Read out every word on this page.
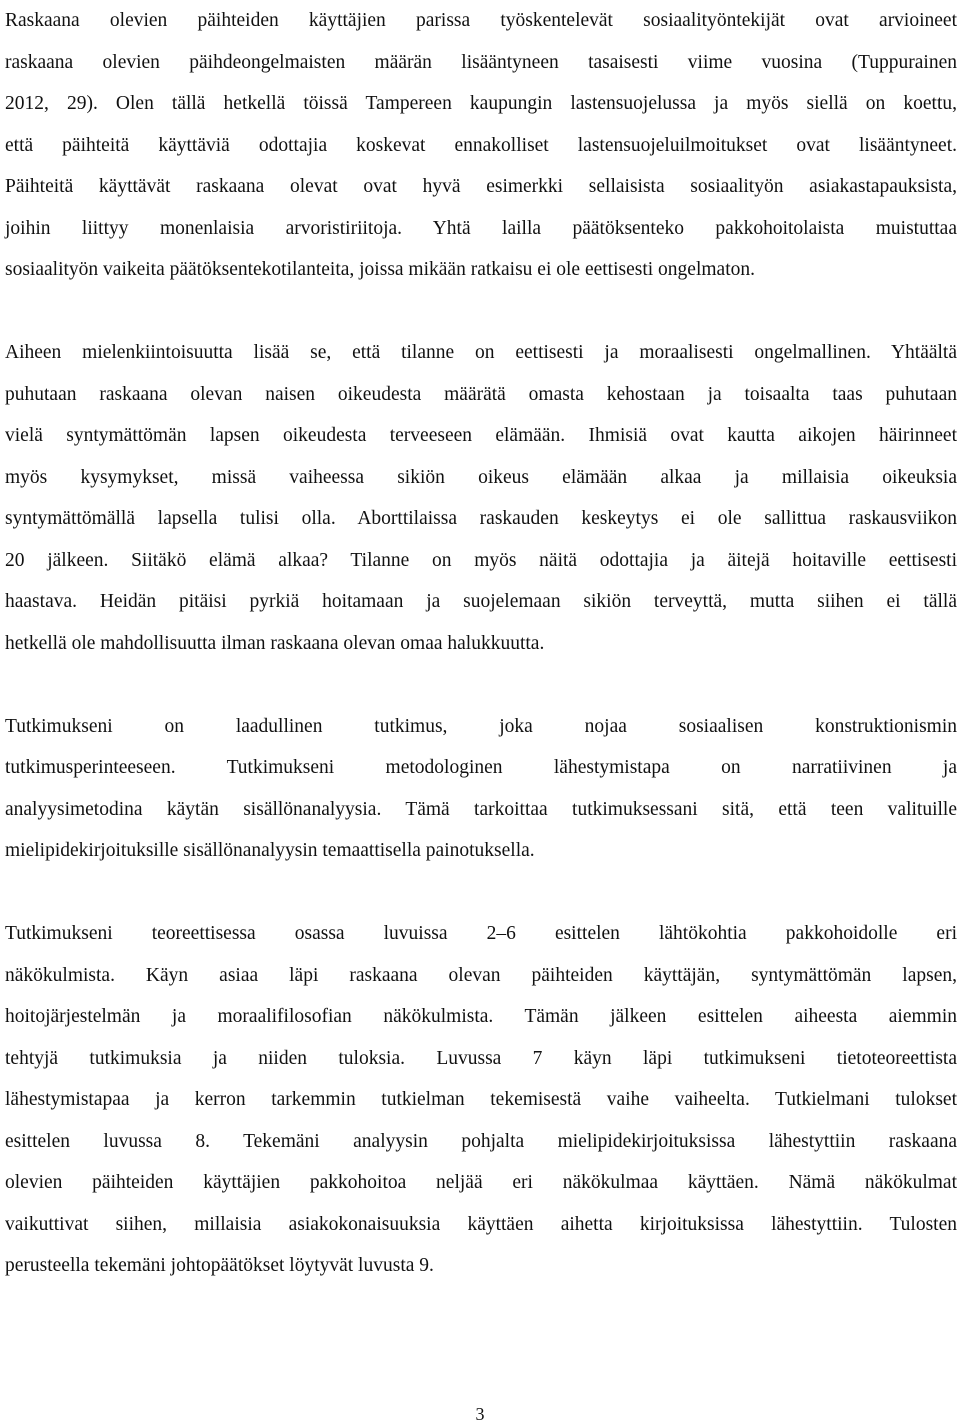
Raskaana olevien päihteiden käyttäjien parissa työskentelevät sosiaalityöntekijät ovat arvioineet
raskaana olevien päihdeongelmaisten määrän lisääntyneen tasaisesti viime vuosina (Tuppurainen
2012, 29). Olen tällä hetkellä töissä Tampereen kaupungin lastensuojelussa ja myös siellä on koettu,
että päihteitä käyttäviä odottajia koskevat ennakolliset lastensuojeluilmoitukset ovat lisääntyneet.
Päihteitä käyttävät raskaana olevat ovat hyvä esimerkki sellaisista sosiaalityön asiakastapauksista,
joihin liittyy monenlaisia arvoristiriitoja. Yhtä lailla päätöksenteko pakkohoitolaista muistuttaa
sosiaalityön vaikeita päätöksentekotilanteita, joissa mikään ratkaisu ei ole eettisesti ongelmaton.
Aiheen mielenkiintoisuutta lisää se, että tilanne on eettisesti ja moraalisesti ongelmallinen. Yhtäältä
puhutaan raskaana olevan naisen oikeudesta määrätä omasta kehostaan ja toisaalta taas puhutaan
vielä syntymättömän lapsen oikeudesta terveeseen elämään. Ihmisiä ovat kautta aikojen häirinneet
myös kysymykset, missä vaiheessa sikiön oikeus elämään alkaa ja millaisia oikeuksia
syntymättömällä lapsella tulisi olla. Aborttilaissa raskauden keskeytys ei ole sallittua raskausviikon
20 jälkeen. Siitäkö elämä alkaa? Tilanne on myös näitä odottajia ja äitejä hoitaville eettisesti
haastava. Heidän pitäisi pyrkiä hoitamaan ja suojelemaan sikiön terveyttä, mutta siihen ei tällä
hetkellä ole mahdollisuutta ilman raskaana olevan omaa halukkuutta.
Tutkimukseni on laadullinen tutkimus, joka nojaa sosiaalisen konstruktionismin
tutkimusperinteeseen. Tutkimukseni metodologinen lähestymistapa on narratiivinen ja
analyysimetodina käytän sisällönanalyysia. Tämä tarkoittaa tutkimuksessani sitä, että teen valituille
mielipidekirjoituksille sisällönanalyysin temaattisella painotuksella.
Tutkimukseni teoreettisessa osassa luvuissa 2–6 esittelen lähtökohtia pakkohoidolle eri
näkökulmista. Käyn asiaa läpi raskaana olevan päihteiden käyttäjän, syntymättömän lapsen,
hoitojärjestelmän ja moraalifilosofian näkökulmista. Tämän jälkeen esittelen aiheesta aiemmin
tehtyjä tutkimuksia ja niiden tuloksia. Luvussa 7 käyn läpi tutkimukseni tietoteoreettista
lähestymistapaa ja kerron tarkemmin tutkielman tekemisestä vaihe vaiheelta. Tutkielmani tulokset
esittelen luvussa 8. Tekemäni analyysin pohjalta mielipidekirjoituksissa lähestyttiin raskaana
olevien päihteiden käyttäjien pakkohoitoa neljää eri näkökulmaa käyttäen. Nämä näkökulmat
vaikuttivat siihen, millaisia asiakokonaisuuksia käyttäen aihetta kirjoituksissa lähestyttiin. Tulosten
perusteella tekemäni johtopäätökset löytyvät luvusta 9.
3
